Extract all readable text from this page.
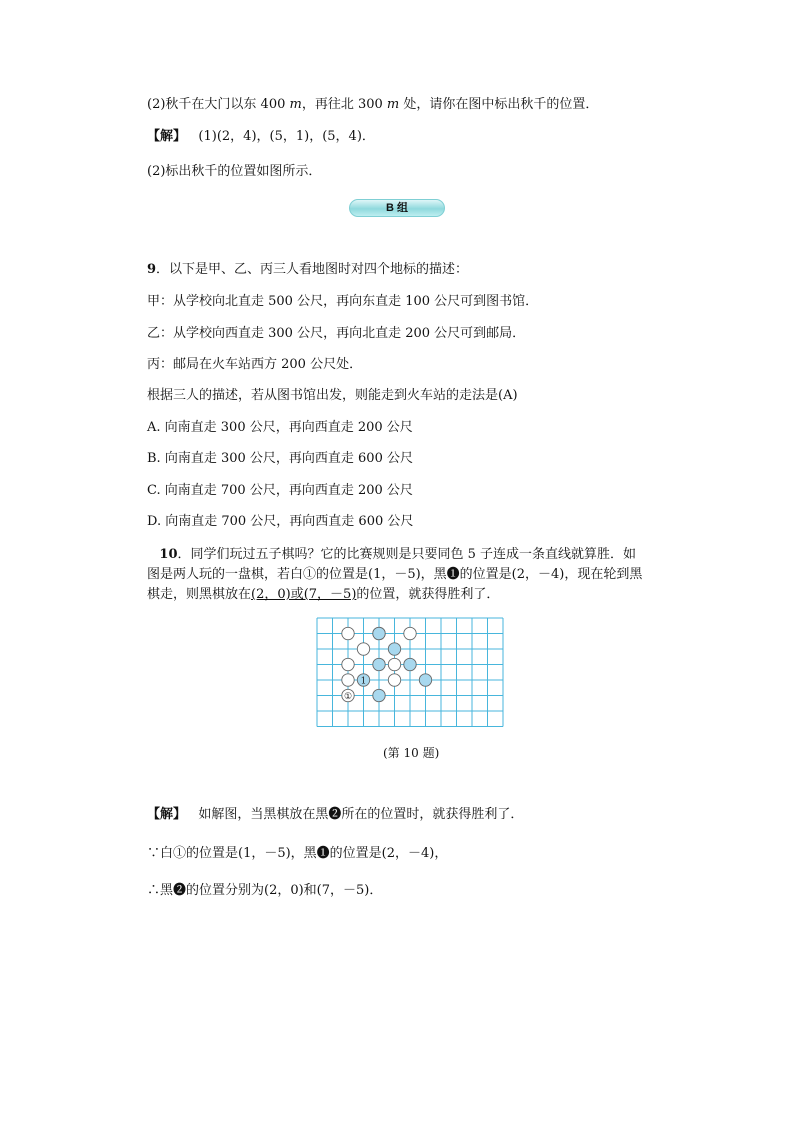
(2)秋千在大门以东 400 m，再往北 300 m 处，请你在图中标出秋千的位置．
【解】 (1)(2，4)，(5，1)，(5，4)．
(2)标出秋千的位置如图所示．
B 组
9．以下是甲、乙、丙三人看地图时对四个地标的描述：
甲：从学校向北直走 500 公尺，再向东直走 100 公尺可到图书馆．
乙：从学校向西直走 300 公尺，再向北直走 200 公尺可到邮局．
丙：邮局在火车站西方 200 公尺处．
根据三人的描述，若从图书馆出发，则能走到火车站的走法是(A)
A. 向南直走 300 公尺，再向西直走 200 公尺
B. 向南直走 300 公尺，再向西直走 600 公尺
C. 向南直走 700 公尺，再向西直走 200 公尺
D. 向南直走 700 公尺，再向西直走 600 公尺
10．同学们玩过五子棋吗？它的比赛规则是只要同色 5 子连成一条直线就算胜．如图是两人玩的一盘棋，若白①的位置是(1，－5)，黑❶的位置是(2，－4)，现在轮到黑棋走，则黑棋放在(2，0)或(7，－5)的位置，就获得胜利了．
①
1
(第 10 题)
【解】 如解图，当黑棋放在黑❷所在的位置时，就获得胜利了．
∵白①的位置是(1，－5)，黑❶的位置是(2，－4)，
∴黑❷的位置分别为(2，0)和(7，－5)．
